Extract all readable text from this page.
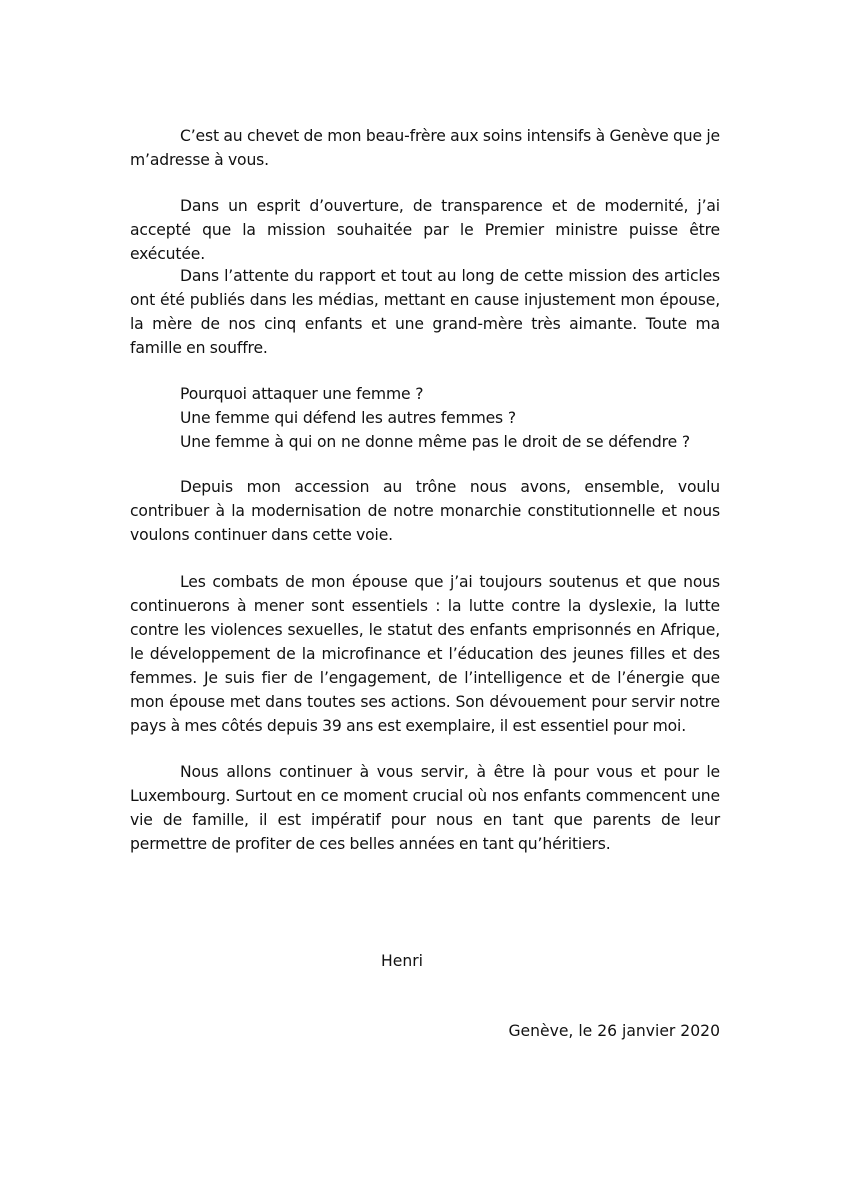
C’est au chevet de mon beau-frère aux soins intensifs à Genève que je m’adresse à vous.

Dans un esprit d’ouverture, de transparence et de modernité, j’ai accepté que la mission souhaitée par le Premier ministre puisse être exécutée.

Dans l’attente du rapport et tout au long de cette mission des articles ont été publiés dans les médias, mettant en cause injustement mon épouse, la mère de nos cinq enfants et une grand-mère très aimante. Toute ma famille en souffre.

Pourquoi attaquer une femme ?
Une femme qui défend les autres femmes ?
Une femme à qui on ne donne même pas le droit de se défendre ?

Depuis mon accession au trône nous avons, ensemble, voulu contribuer à la modernisation de notre monarchie constitutionnelle et nous voulons continuer dans cette voie.

Les combats de mon épouse que j’ai toujours soutenus et que nous continuerons à mener sont essentiels : la lutte contre la dyslexie, la lutte contre les violences sexuelles, le statut des enfants emprisonnés en Afrique, le développement de la microfinance et l’éducation des jeunes filles et des femmes. Je suis fier de l’engagement, de l’intelligence et de l’énergie que mon épouse met dans toutes ses actions. Son dévouement pour servir notre pays à mes côtés depuis 39 ans est exemplaire, il est essentiel pour moi.

Nous allons continuer à vous servir, à être là pour vous et pour le Luxembourg. Surtout en ce moment crucial où nos enfants commencent une vie de famille, il est impératif pour nous en tant que parents de leur permettre de profiter de ces belles années en tant qu’héritiers.

Henri
Genève, le 26 janvier 2020
